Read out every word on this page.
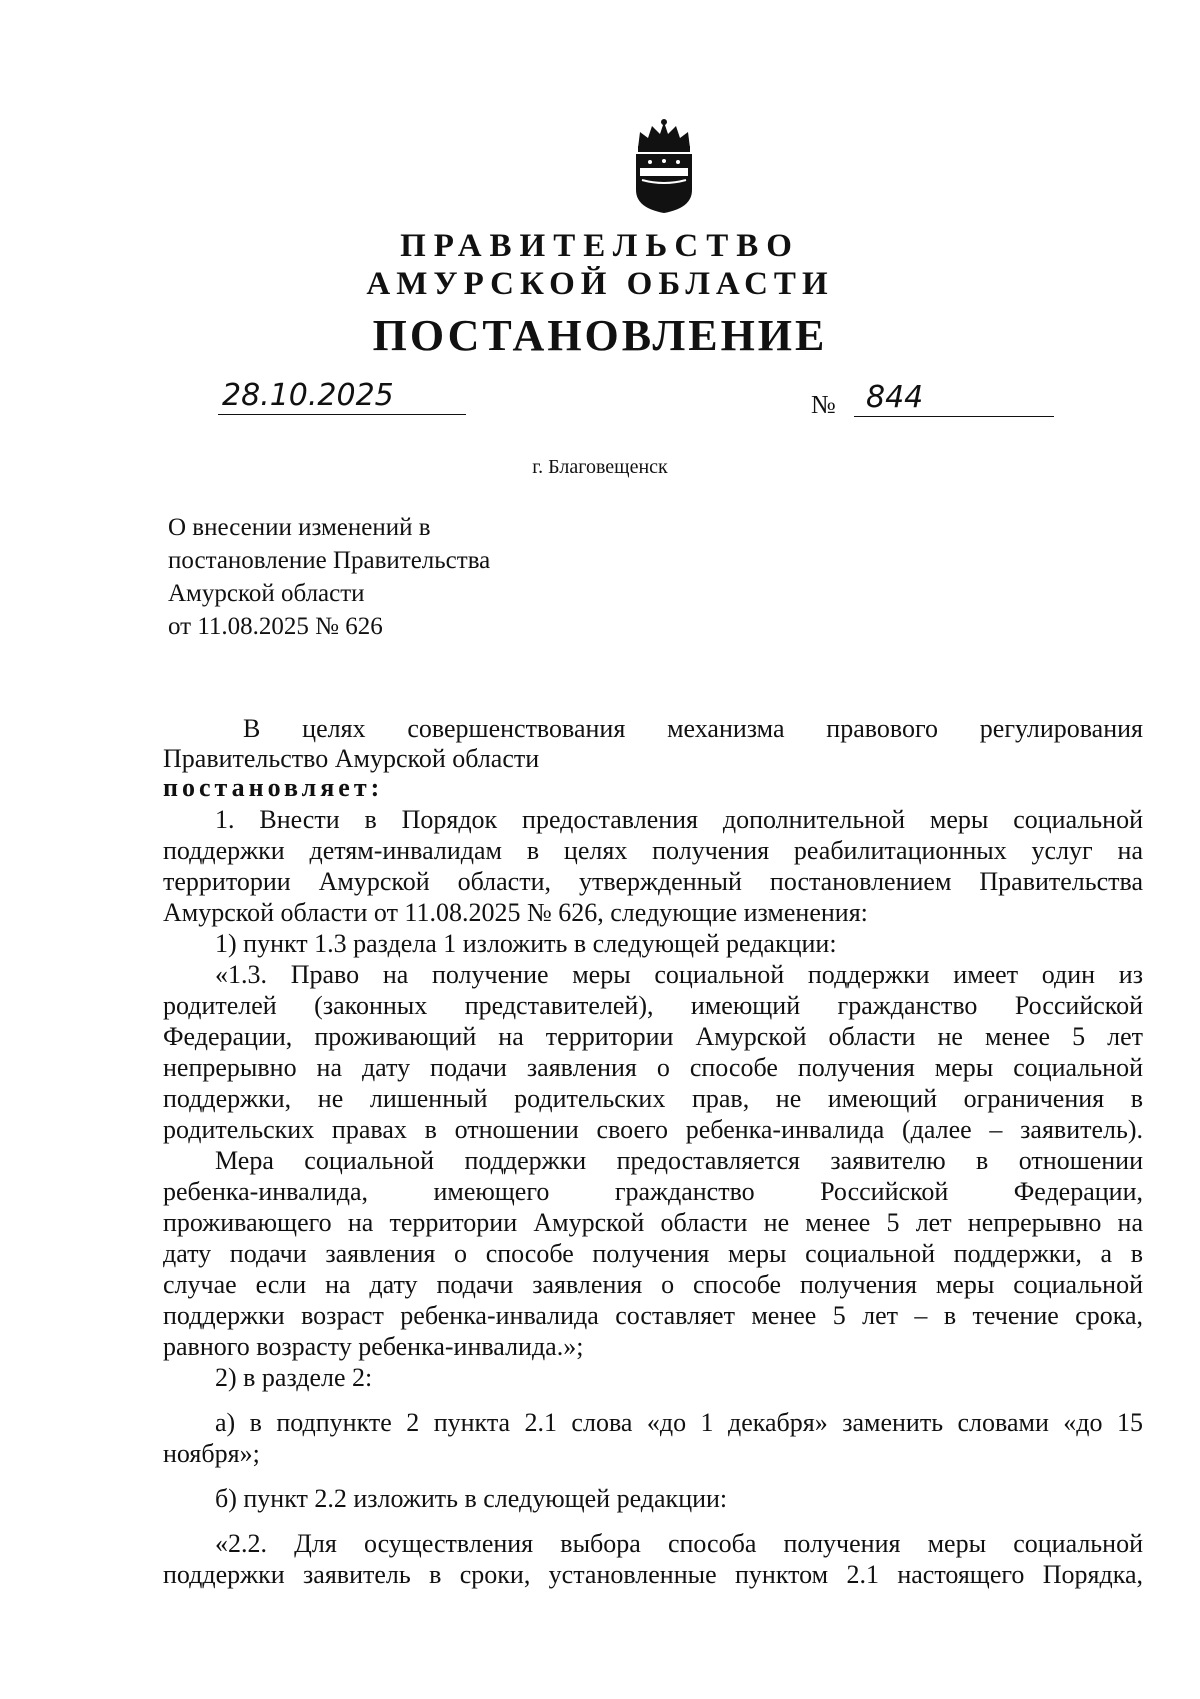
ПРАВИТЕЛЬСТВО
АМУРСКОЙ ОБЛАСТИ
ПОСТАНОВЛЕНИЕ
28.10.2025	№ 844
г. Благовещенск
О внесении изменений в
постановление Правительства
Амурской области
от 11.08.2025 № 626
В целях совершенствования механизма правового регулирования
Правительство Амурской области
постановляет:
1. Внести в Порядок предоставления дополнительной меры социальной
поддержки детям-инвалидам в целях получения реабилитационных услуг на
территории Амурской области, утвержденный постановлением Правительства
Амурской области от 11.08.2025 № 626, следующие изменения:
1) пункт 1.3 раздела 1 изложить в следующей редакции:
«1.3. Право на получение меры социальной поддержки имеет один из
родителей (законных представителей), имеющий гражданство Российской
Федерации, проживающий на территории Амурской области не менее 5 лет
непрерывно на дату подачи заявления о способе получения меры социальной
поддержки, не лишенный родительских прав, не имеющий ограничения в
родительских правах в отношении своего ребенка-инвалида (далее – заявитель).
Мера социальной поддержки предоставляется заявителю в отношении
ребенка-инвалида, имеющего гражданство Российской Федерации,
проживающего на территории Амурской области не менее 5 лет непрерывно на
дату подачи заявления о способе получения меры социальной поддержки, а в
случае если на дату подачи заявления о способе получения меры социальной
поддержки возраст ребенка-инвалида составляет менее 5 лет – в течение срока,
равного возрасту ребенка-инвалида.»;
2) в разделе 2:
а) в подпункте 2 пункта 2.1 слова «до 1 декабря» заменить словами «до 15
ноября»;
б) пункт 2.2 изложить в следующей редакции:
«2.2. Для осуществления выбора способа получения меры социальной
поддержки заявитель в сроки, установленные пунктом 2.1 настоящего Порядка,
